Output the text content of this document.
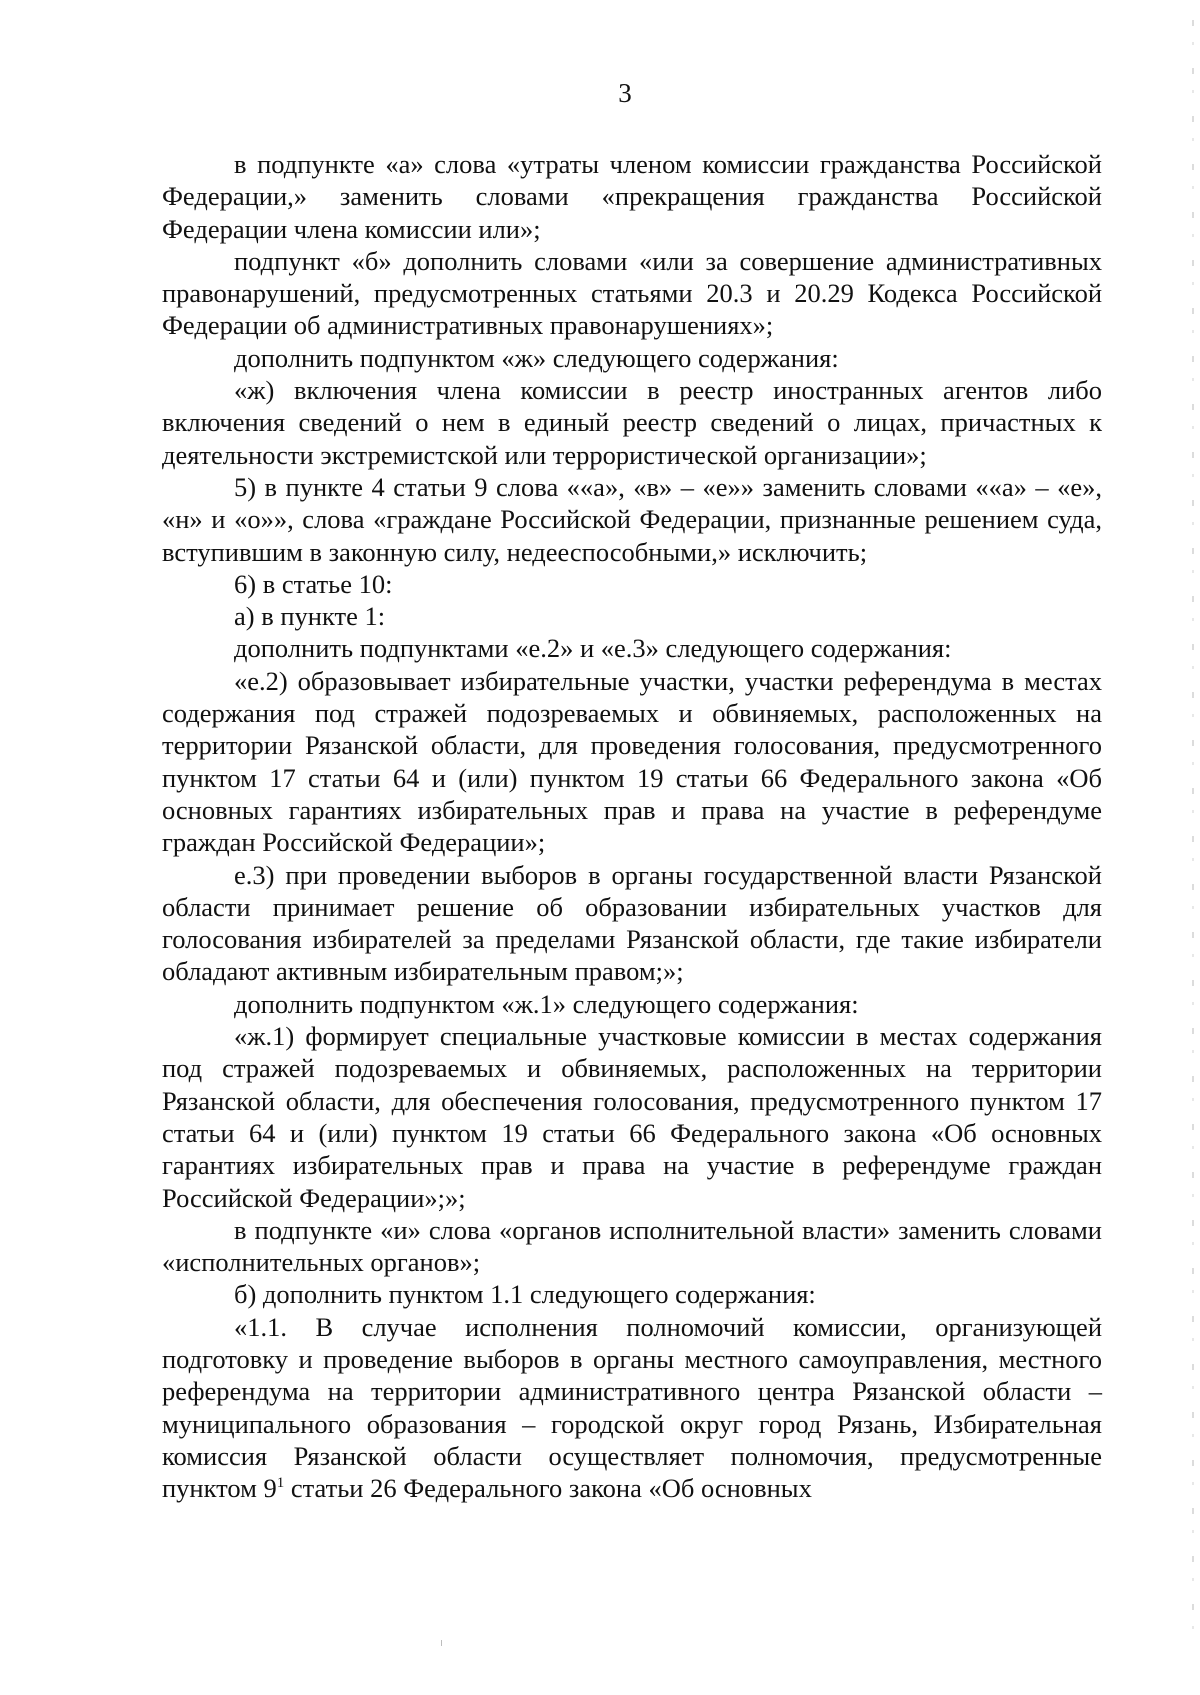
3

в подпункте «а» слова «утраты членом комиссии гражданства Российской Федерации,» заменить словами «прекращения гражданства Российской Федерации члена комиссии или»;

подпункт «б» дополнить словами «или за совершение административных правонарушений, предусмотренных статьями 20.3 и 20.29 Кодекса Российской Федерации об административных правонарушениях»;

дополнить подпунктом «ж» следующего содержания:

«ж) включения члена комиссии в реестр иностранных агентов либо включения сведений о нем в единый реестр сведений о лицах, причастных к деятельности экстремистской или террористической организации»;

5) в пункте 4 статьи 9 слова ««а», «в» – «е»» заменить словами ««а» – «е», «н» и «о»», слова «граждане Российской Федерации, признанные решением суда, вступившим в законную силу, недееспособными,» исключить;

6) в статье 10:

а) в пункте 1:

дополнить подпунктами «е.2» и «е.3» следующего содержания:

«е.2) образовывает избирательные участки, участки референдума в местах содержания под стражей подозреваемых и обвиняемых, расположенных на территории Рязанской области, для проведения голосования, предусмотренного пунктом 17 статьи 64 и (или) пунктом 19 статьи 66 Федерального закона «Об основных гарантиях избирательных прав и права на участие в референдуме граждан Российской Федерации»;

е.3) при проведении выборов в органы государственной власти Рязанской области принимает решение об образовании избирательных участков для голосования избирателей за пределами Рязанской области, где такие избиратели обладают активным избирательным правом;»;

дополнить подпунктом «ж.1» следующего содержания:

«ж.1) формирует специальные участковые комиссии в местах содержания под стражей подозреваемых и обвиняемых, расположенных на территории Рязанской области, для обеспечения голосования, предусмотренного пунктом 17 статьи 64 и (или) пунктом 19 статьи 66 Федерального закона «Об основных гарантиях избирательных прав и права на участие в референдуме граждан Российской Федерации»;»;

в подпункте «и» слова «органов исполнительной власти» заменить словами «исполнительных органов»;

б) дополнить пунктом 1.1 следующего содержания:

«1.1. В случае исполнения полномочий комиссии, организующей подготовку и проведение выборов в органы местного самоуправления, местного референдума на территории административного центра Рязанской области – муниципального образования – городской округ город Рязань, Избирательная комиссия Рязанской области осуществляет полномочия, предусмотренные пунктом $9^1$ статьи 26 Федерального закона «Об основных
